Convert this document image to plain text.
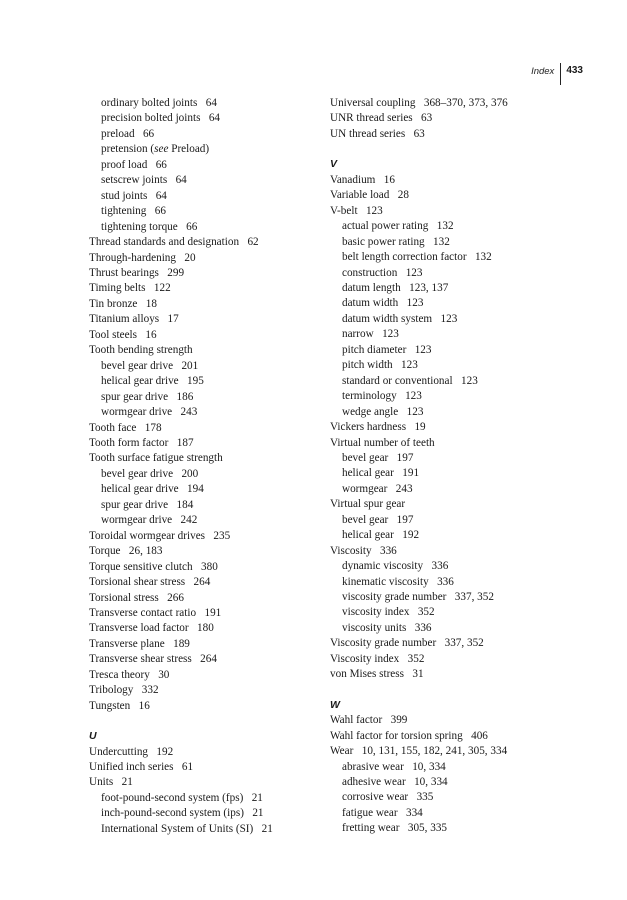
Index	433
ordinary bolted joints 64
precision bolted joints 64
preload 66
pretension (see Preload)
proof load 66
setscrew joints 64
stud joints 64
tightening 66
tightening torque 66
Thread standards and designation 62
Through-hardening 20
Thrust bearings 299
Timing belts 122
Tin bronze 18
Titanium alloys 17
Tool steels 16
Tooth bending strength
bevel gear drive 201
helical gear drive 195
spur gear drive 186
wormgear drive 243
Tooth face 178
Tooth form factor 187
Tooth surface fatigue strength
bevel gear drive 200
helical gear drive 194
spur gear drive 184
wormgear drive 242
Toroidal wormgear drives 235
Torque 26, 183
Torque sensitive clutch 380
Torsional shear stress 264
Torsional stress 266
Transverse contact ratio 191
Transverse load factor 180
Transverse plane 189
Transverse shear stress 264
Tresca theory 30
Tribology 332
Tungsten 16
U
Undercutting 192
Unified inch series 61
Units 21
foot-pound-second system (fps) 21
inch-pound-second system (ips) 21
International System of Units (SI) 21
Universal coupling 368–370, 373, 376
UNR thread series 63
UN thread series 63
V
Vanadium 16
Variable load 28
V-belt 123
actual power rating 132
basic power rating 132
belt length correction factor 132
construction 123
datum length 123, 137
datum width 123
datum width system 123
narrow 123
pitch diameter 123
pitch width 123
standard or conventional 123
terminology 123
wedge angle 123
Vickers hardness 19
Virtual number of teeth
bevel gear 197
helical gear 191
wormgear 243
Virtual spur gear
bevel gear 197
helical gear 192
Viscosity 336
dynamic viscosity 336
kinematic viscosity 336
viscosity grade number 337, 352
viscosity index 352
viscosity units 336
Viscosity grade number 337, 352
Viscosity index 352
von Mises stress 31
W
Wahl factor 399
Wahl factor for torsion spring 406
Wear 10, 131, 155, 182, 241, 305, 334
abrasive wear 10, 334
adhesive wear 10, 334
corrosive wear 335
fatigue wear 334
fretting wear 305, 335
